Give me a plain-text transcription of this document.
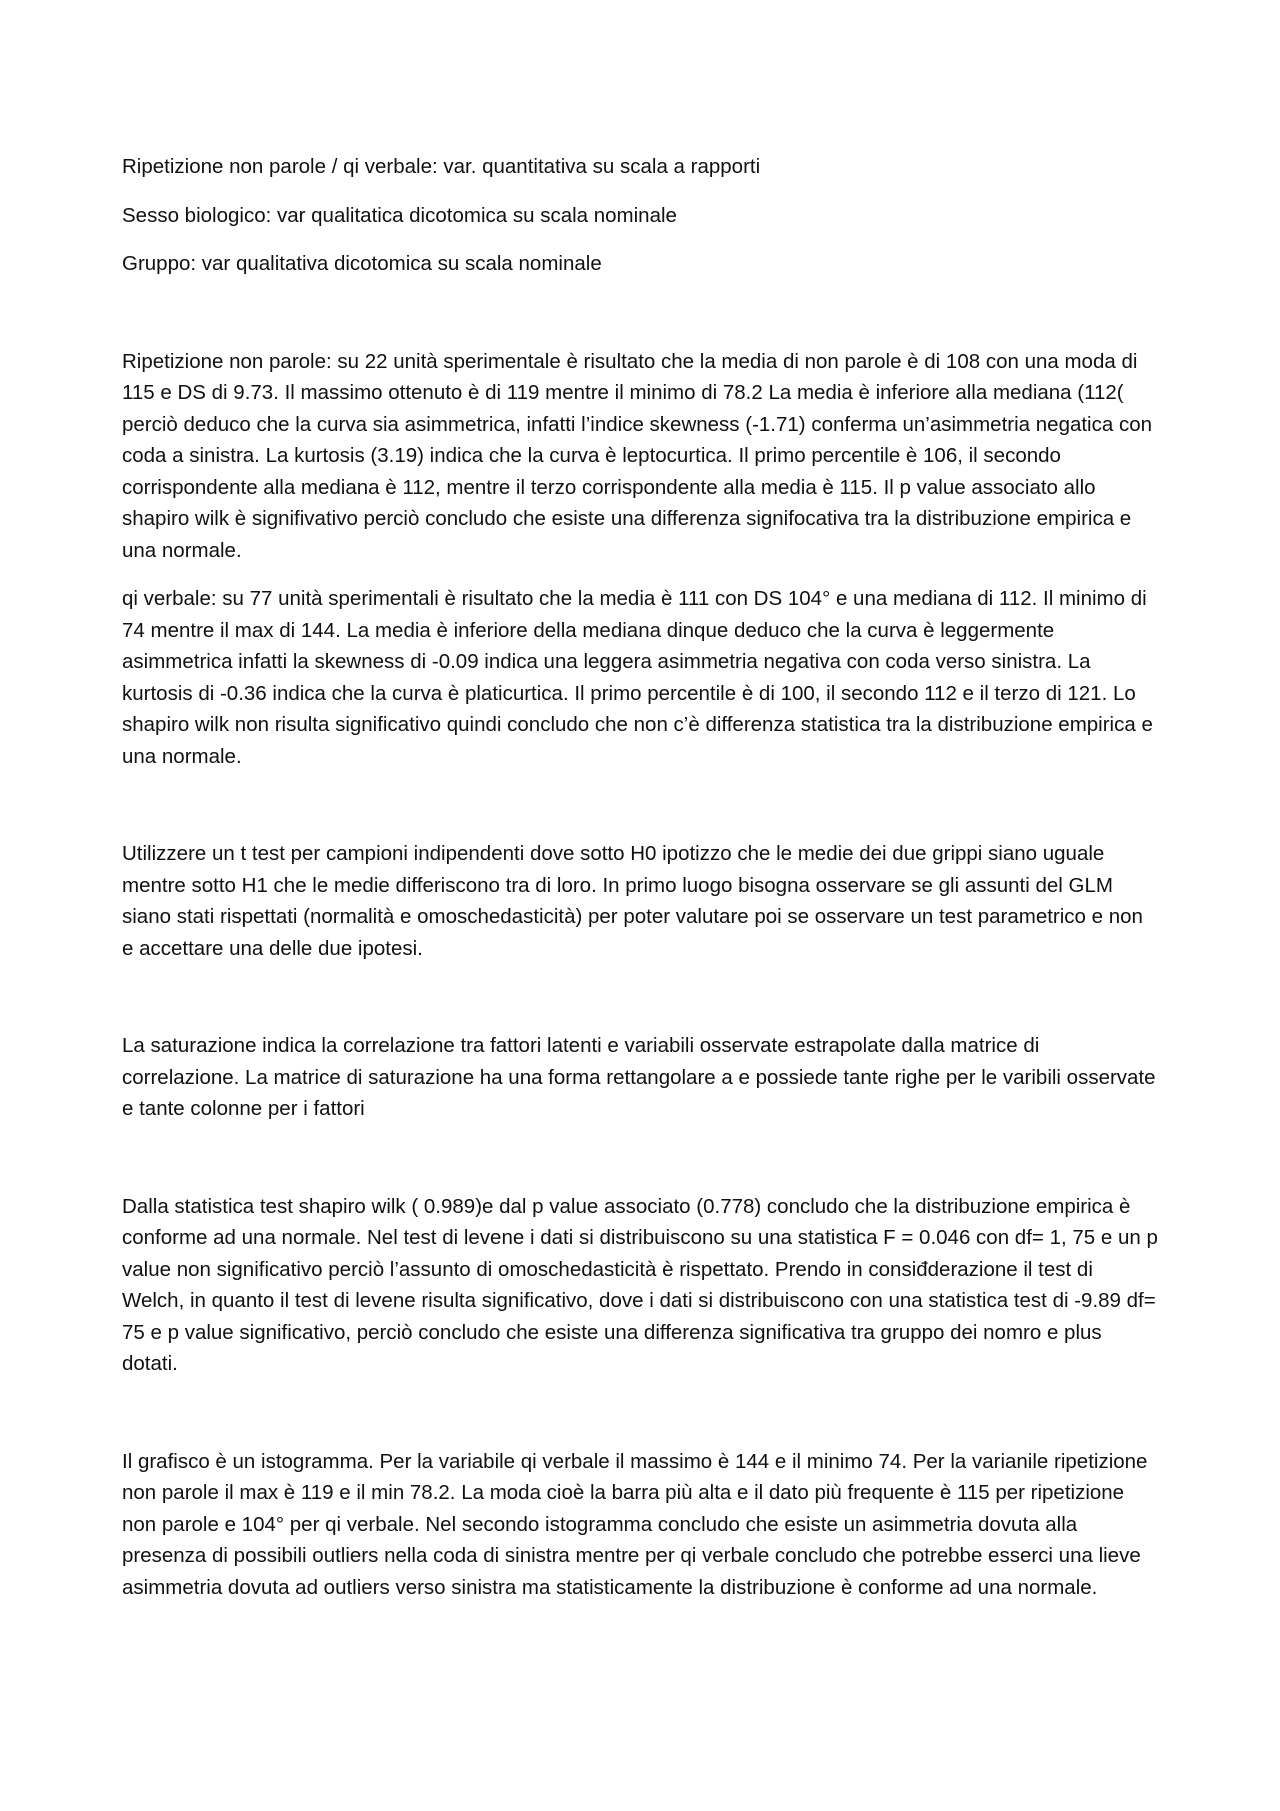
Ripetizione non parole / qi verbale: var. quantitativa su scala a rapporti

Sesso biologico: var qualitatica dicotomica su scala nominale

Gruppo: var qualitativa dicotomica su scala nominale

Ripetizione non parole: su 22 unità sperimentale è risultato che la media di non parole è di 108 con una moda di 115 e DS di 9.73. Il massimo ottenuto è di 119 mentre il minimo di 78.2 La media è inferiore alla mediana (112( perciò deduco che la curva sia asimmetrica, infatti l’indice skewness (-1.71) conferma un’asimmetria negatica con coda a sinistra. La kurtosis (3.19) indica che la curva è leptocurtica. Il primo percentile è 106, il secondo corrispondente alla mediana è 112, mentre il terzo corrispondente alla media è 115. Il p value associato allo shapiro wilk è signifivativo perciò concludo che esiste una differenza signifocativa tra la distribuzione empirica e una normale.

qi verbale: su 77 unità sperimentali è risultato che la media è 111 con DS 104° e una mediana di 112. Il minimo di 74 mentre il max di 144. La media è inferiore della mediana dinque deduco che la curva è leggermente asimmetrica infatti la skewness di -0.09 indica una leggera asimmetria negativa con coda verso sinistra. La kurtosis di -0.36 indica che la curva è platicurtica. Il primo percentile è di 100, il secondo 112 e il terzo di 121. Lo shapiro wilk non risulta significativo quindi concludo che non c’è differenza statistica tra la distribuzione empirica e una normale.

Utilizzere un t test per campioni indipendenti dove sotto H0 ipotizzo che le medie dei due grippi siano uguale mentre sotto H1 che le medie differiscono tra di loro. In primo luogo bisogna osservare se gli assunti del GLM siano stati rispettati (normalità e omoschedasticità) per poter valutare poi se osservare un test parametrico e non e accettare una delle due ipotesi.

La saturazione indica la correlazione tra fattori latenti e variabili osservate estrapolate dalla matrice di correlazione. La matrice di saturazione ha una forma rettangolare a e possiede tante righe per le varibili osservate e tante colonne per i fattori

Dalla statistica test shapiro wilk ( 0.989)e dal p value associato (0.778) concludo che la distribuzione empirica è conforme ad una normale. Nel test di levene i dati si distribuiscono su una statistica F = 0.046 con df= 1, 75 e un p value non significativo perciò l’assunto di omoschedasticità è rispettato. Prendo in consiđderazione il test di Welch, in quanto il test di levene risulta significativo, dove i dati si distribuiscono con una statistica test di -9.89 df= 75 e p value significativo, perciò concludo che esiste una differenza significativa tra gruppo dei nomro e plus dotati.

Il grafisco è un istogramma. Per la variabile qi verbale il massimo è 144 e il minimo 74. Per la varianile ripetizione non parole il max è 119 e il min 78.2. La moda cioè la barra più alta e il dato più frequente è 115 per ripetizione non parole e 104° per qi verbale. Nel secondo istogramma concludo che esiste un asimmetria dovuta alla presenza di possibili outliers nella coda di sinistra mentre per qi verbale concludo che potrebbe esserci una lieve asimmetria dovuta ad outliers verso sinistra ma statisticamente la distribuzione è conforme ad una normale.
